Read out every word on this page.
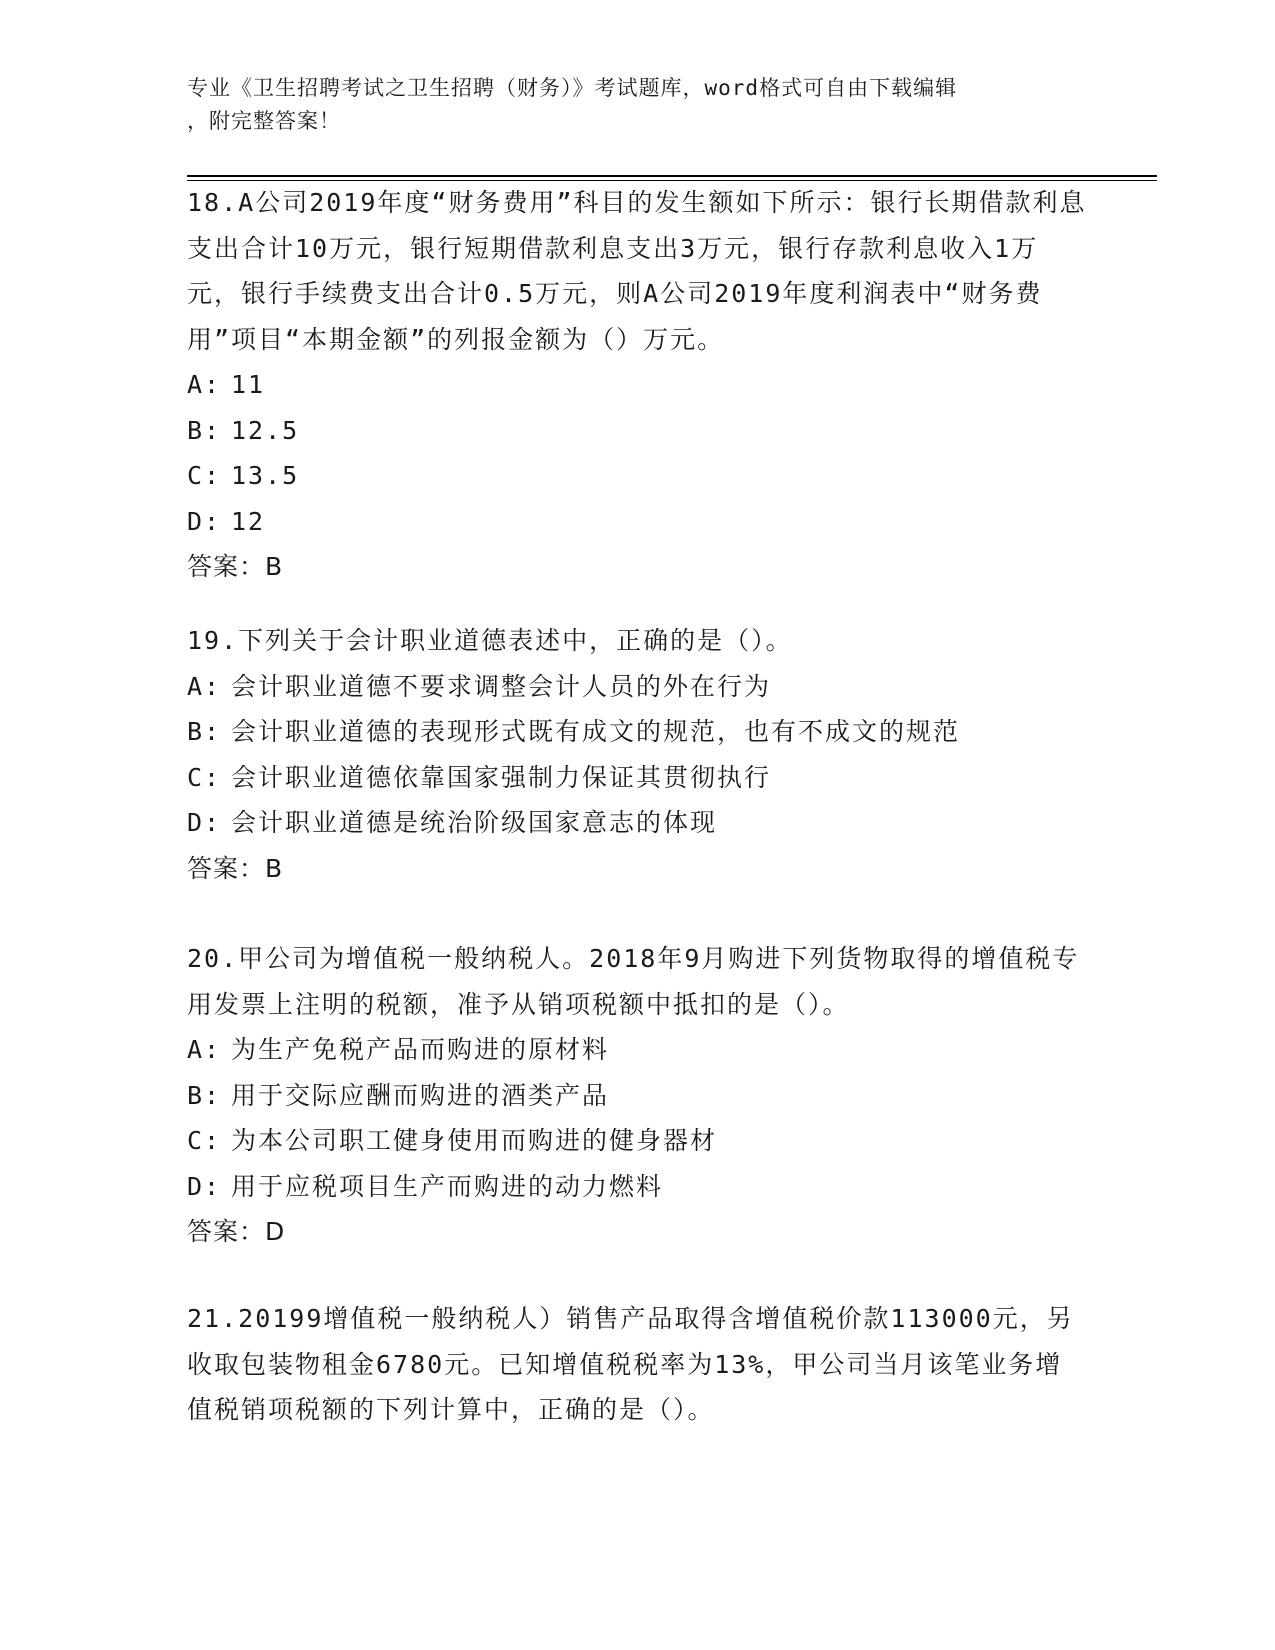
专业《卫生招聘考试之卫生招聘（财务）》考试题库，word格式可自由下载编辑
，附完整答案！

18.A公司2019年度“财务费用”科目的发生额如下所示：银行长期借款利息支出合计10万元，银行短期借款利息支出3万元，银行存款利息收入1万元，银行手续费支出合计0.5万元，则A公司2019年度利润表中“财务费用”项目“本期金额”的列报金额为（）万元。

A: 11

B: 12.5

C: 13.5

D: 12

答案：B

19.下列关于会计职业道德表述中，正确的是（）。

A: 会计职业道德不要求调整会计人员的外在行为

B: 会计职业道德的表现形式既有成文的规范，也有不成文的规范

C: 会计职业道德依靠国家强制力保证其贯彻执行

D: 会计职业道德是统治阶级国家意志的体现

答案：B

20.甲公司为增值税一般纳税人。2018年9月购进下列货物取得的增值税专用发票上注明的税额，准予从销项税额中抵扣的是（）。

A: 为生产免税产品而购进的原材料

B: 用于交际应酬而购进的酒类产品

C: 为本公司职工健身使用而购进的健身器材

D: 用于应税项目生产而购进的动力燃料

答案：D

21.20199增值税一般纳税人）销售产品取得含增值税价款113000元，另收取包装物租金6780元。已知增值税税率为13%，甲公司当月该笔业务增值税销项税额的下列计算中，正确的是（）。
